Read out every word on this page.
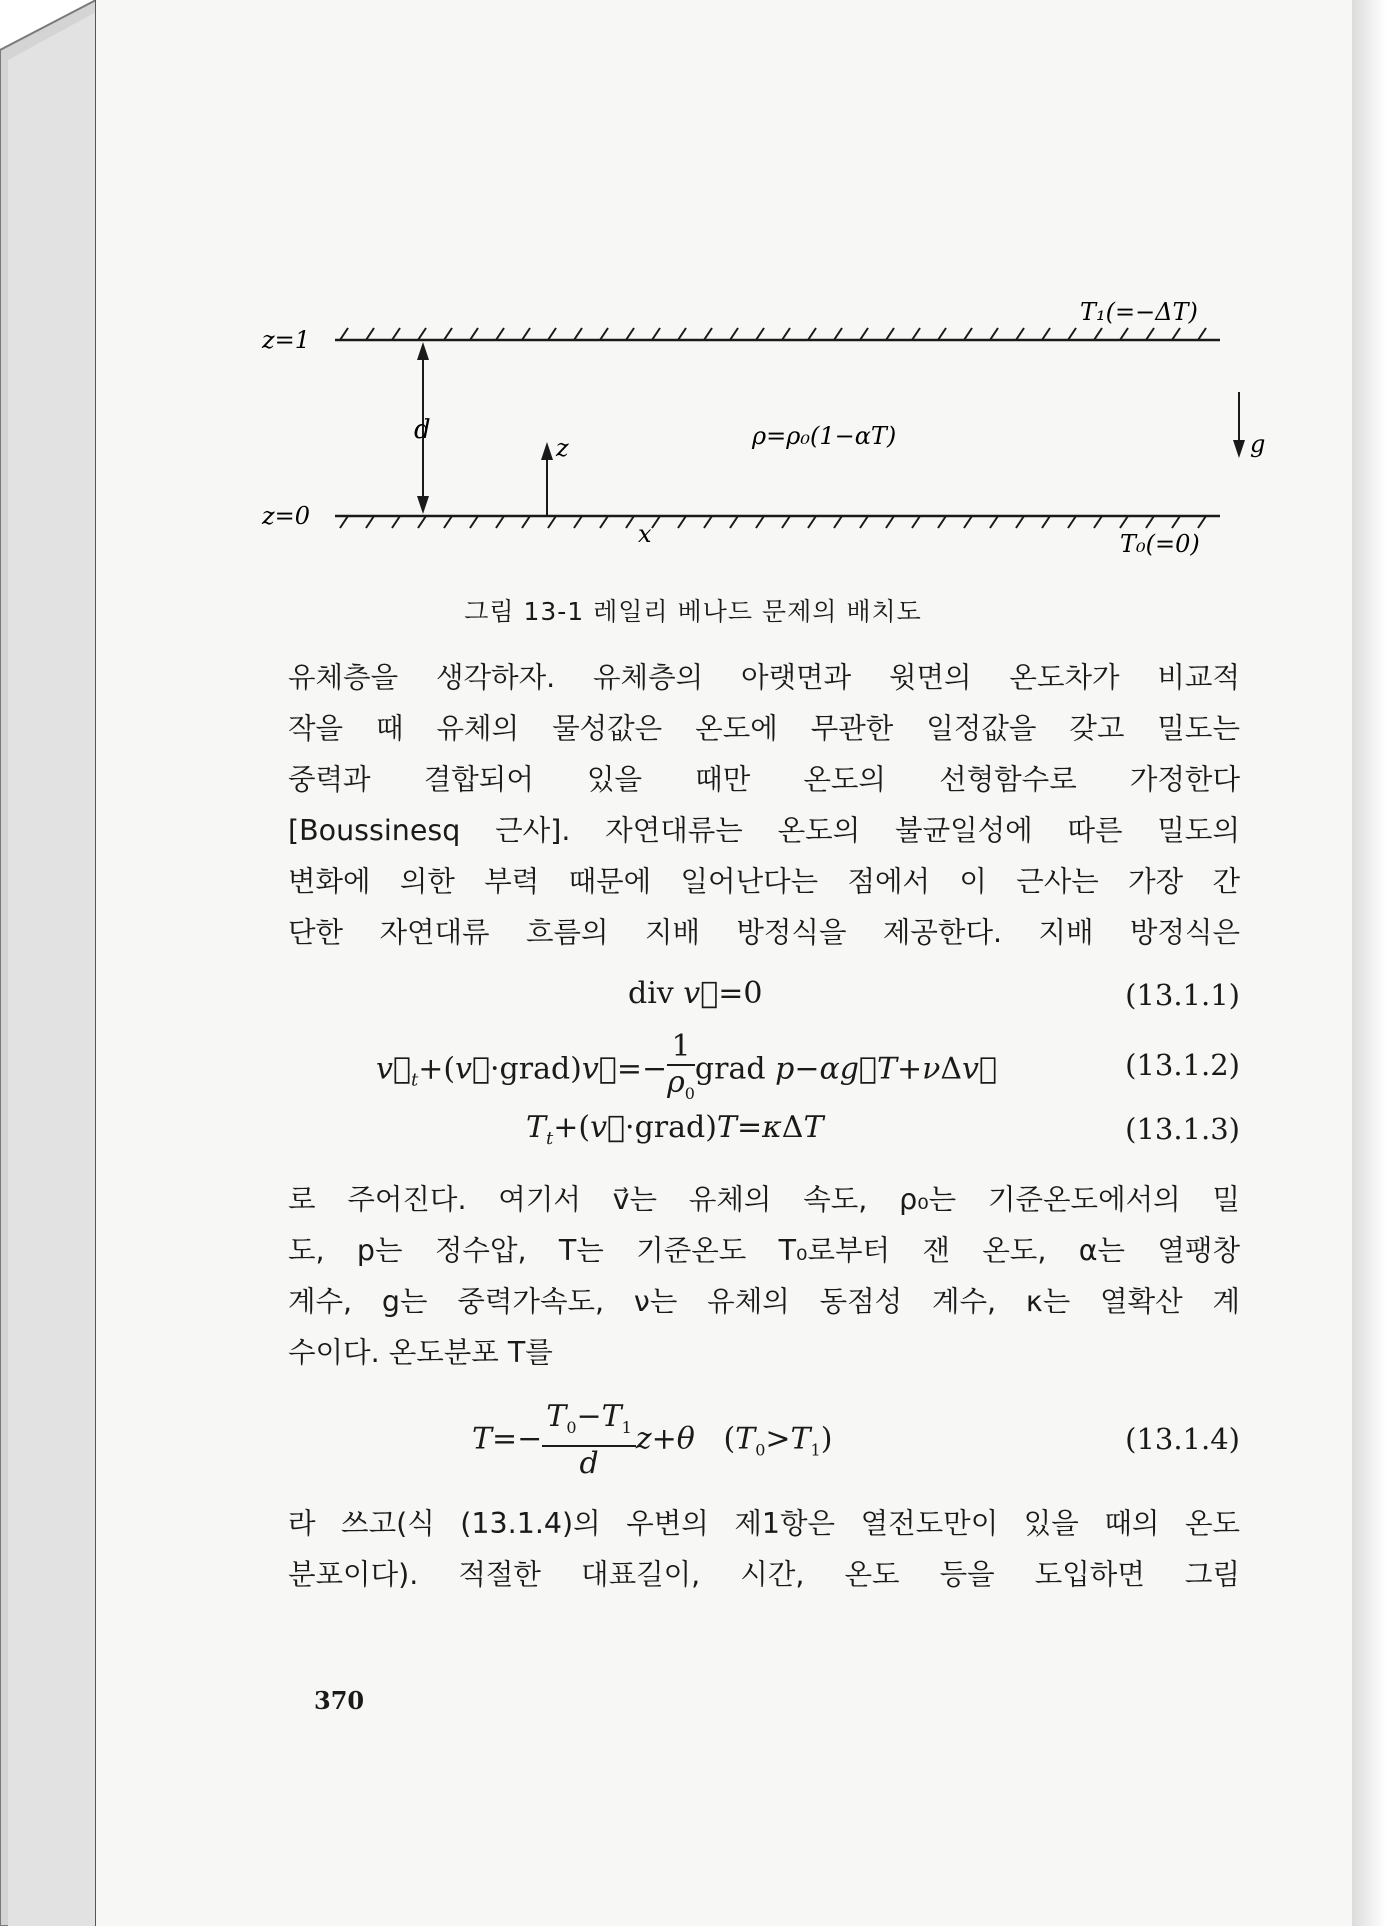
z=1
z=0
T₁(=−ΔT)
T₀(=0)
d
z
x
ρ=ρ₀(1−αT)	g
그림 13-1 레일리 베나드 문제의 배치도
유체층을 생각하자. 유체층의 아랫면과 윗면의 온도차가 비교적
작을 때 유체의 물성값은 온도에 무관한 일정값을 갖고 밀도는
중력과 결합되어 있을 때만 온도의 선형함수로 가정한다
[Boussinesq 근사]. 자연대류는 온도의 불균일성에 따른 밀도의
변화에 의한 부력 때문에 일어난다는 점에서 이 근사는 가장 간
단한 자연대류 흐름의 지배 방정식을 제공한다. 지배 방정식은
div v⃗=0	(13.1.1)
$v⃗_t+(v⃗\cdot grad)v⃗=- \frac{1}{\rho_0}$ grad p−αg⃗T+νΔv⃗	(13.1.2)
$T_t+(v⃗\cdot grad)T=\kappa\Delta T$	(13.1.3)
로 주어진다. 여기서 v⃗는 유체의 속도, ρ₀는 기준온도에서의 밀
도, p는 정수압, T는 기준온도 T₀로부터 잰 온도, α는 열팽창
계수, g는 중력가속도, ν는 유체의 동점성 계수, κ는 열확산 계
수이다. 온도분포 T를
$T=- \frac{T_0-T_1}{d} z+\theta$   $(T_0>T_1)$	(13.1.4)
라 쓰고(식 (13.1.4)의 우변의 제1항은 열전도만이 있을 때의 온도
분포이다). 적절한 대표길이, 시간, 온도 등을 도입하면 그림
370
